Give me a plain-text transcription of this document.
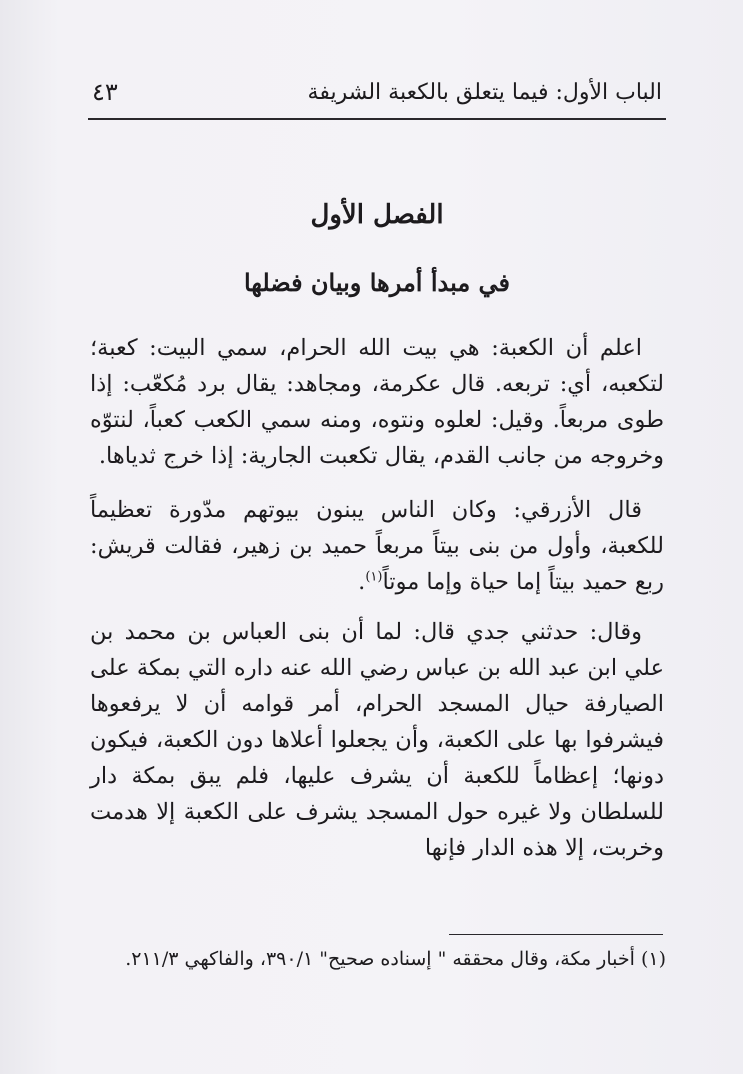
الباب الأول: فيما يتعلق بالكعبة الشريفة
٤٣
الفصل الأول
في مبدأ أمرها وبيان فضلها

اعلم أن الكعبة: هي بيت الله الحرام، سمي البيت: كعبة؛ لتكعبه، أي: تربعه. قال عكرمة، ومجاهد: يقال برد مُكعّب: إذا طوى مربعاً. وقيل: لعلوه ونتوه، ومنه سمي الكعب كعباً، لنتوّه وخروجه من جانب القدم، يقال تكعبت الجارية: إذا خرج ثدياها.

قال الأزرقي: وكان الناس يبنون بيوتهم مدّورة تعظيماً للكعبة، وأول من بنى بيتاً مربعاً حميد بن زهير، فقالت قريش: ربع حميد بيتاً إما حياة وإما موتاً$^{(١)}$.

وقال: حدثني جدي قال: لما أن بنى العباس بن محمد بن علي ابن عبد الله بن عباس رضي الله عنه داره التي بمكة على الصيارفة حيال المسجد الحرام، أمر قوامه أن لا يرفعوها فيشرفوا بها على الكعبة، وأن يجعلوا أعلاها دون الكعبة، فيكون دونها؛ إعظاماً للكعبة أن يشرف عليها، فلم يبق بمكة دار للسلطان ولا غيره حول المسجد يشرف على الكعبة إلا هدمت وخربت، إلا هذه الدار فإنها

(١) أخبار مكة، وقال محققه " إسناده صحيح" ٣٩٠/١، والفاكهي ٢١١/٣.
